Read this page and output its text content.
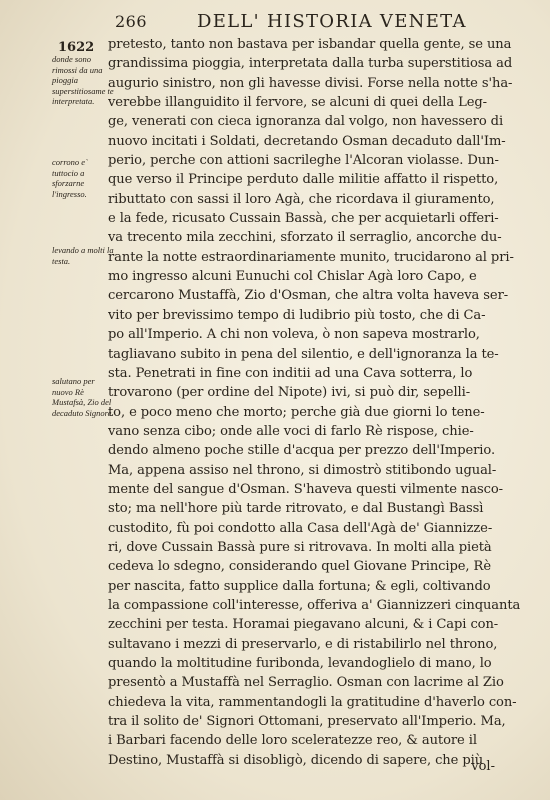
266	DELL' HISTORIA VENETA
1622
donde sono rimossi da una pioggia superstitiosame te interpretata.
corrono e` tuttocio a sforzarne l'ingresso.
levando a molti la testa.
salutano per nuovo Rè Mustafsà, Zio del decaduto Signore.
pretesto, tanto non bastava per isbandar quella gente, se una
grandissima pioggia, interpretata dalla turba superstitiosa ad
augurio sinistro, non gli havesse divisi. Forse nella notte s'ha-
verebbe illanguidito il fervore, se alcuni di quei della Leg-
ge, venerati con cieca ignoranza dal volgo, non havessero di
nuovo incitati i Soldati, decretando Osman decaduto dall'Im-
perio, perche con attioni sacrileghe l'Alcoran violasse. Dun-
que verso il Principe perduto dalle militie affatto il rispetto,
ributtato con sassi il loro Agà, che ricordava il giuramento,
e la fede, ricusato Cussain Bassà, che per acquietarli offeri-
va trecento mila zecchini, sforzato il serraglio, ancorche du-
rante la notte estraordinariamente munito, trucidarono al pri-
mo ingresso alcuni Eunuchi col Chislar Agà loro Capo, e
cercarono Mustaffà, Zio d'Osman, che altra volta haveva ser-
vito per brevissimo tempo di ludibrio più tosto, che di Ca-
po all'Imperio. A chi non voleva, ò non sapeva mostrarlo,
tagliavano subito in pena del silentio, e dell'ignoranza la te-
sta. Penetrati in fine con inditii ad una Cava sotterra, lo
trovarono (per ordine del Nipote) ivi, si può dir, sepelli-
to, e poco meno che morto; perche già due giorni lo tene-
vano senza cibo; onde alle voci di farlo Rè rispose, chie-
dendo almeno poche stille d'acqua per prezzo dell'Imperio.
Ma, appena assiso nel throno, si dimostrò stitibondo ugual-
mente del sangue d'Osman. S'haveva questi vilmente nasco-
sto; ma nell'hore più tarde ritrovato, e dal Bustangì Bassì
custodito, fù poi condotto alla Casa dell'Agà de' Giannizze-
ri, dove Cussain Bassà pure si ritrovava. In molti alla pietà
cedeva lo sdegno, considerando quel Giovane Principe, Rè
per nascita, fatto supplice dalla fortuna; & egli, coltivando
la compassione coll'interesse, offeriva a' Giannizzeri cinquanta
zecchini per testa. Horamai piegavano alcuni, & i Capi con-
sultavano i mezzi di preservarlo, e di ristabilirlo nel throno,
quando la moltitudine furibonda, levandoglielo di mano, lo
presentò a Mustaffà nel Serraglio. Osman con lacrime al Zio
chiedeva la vita, rammentandogli la gratitudine d'haverlo con-
tra il solito de' Signori Ottomani, preservato all'Imperio. Ma,
i Barbari facendo delle loro sceleratezze reo, & autore il
Destino, Mustaffà si disobligò, dicendo di sapere, che più
vol-
